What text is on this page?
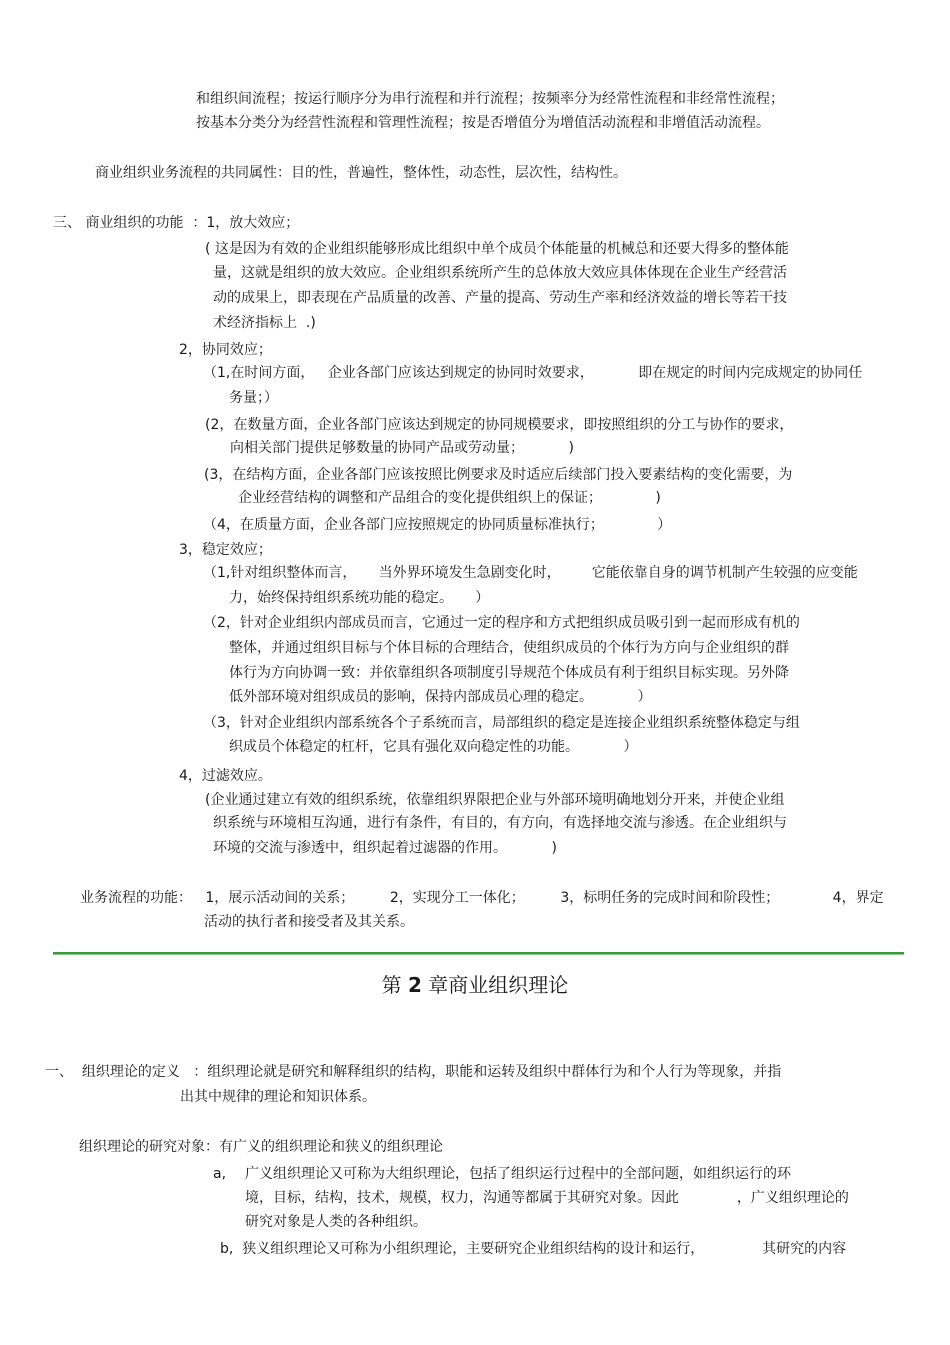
和组织间流程；按运行顺序分为串行流程和并行流程；按频率分为经常性流程和非经常性流程；
按基本分类分为经营性流程和管理性流程；按是否增值分为增值活动流程和非增值活动流程。
商业组织业务流程的共同属性：目的性，普遍性，整体性，动态性，层次性，结构性。
三、 商业组织的功能  ：1，放大效应；
( 这是因为有效的企业组织能够形成比组织中单个成员个体能量的机械总和还要大得多的整体能
量，这就是组织的放大效应。企业组织系统所产生的总体放大效应具体体现在企业生产经营活
动的成果上，即表现在产品质量的改善、产量的提高、劳动生产率和经济效益的增长等若干技
术经济指标上  .)
2，协同效应；
（1,在时间方面，   企业各部门应该达到规定的协同时效要求，          即在规定的时间内完成规定的协同任
务量；）
(2，在数量方面，企业各部门应该达到规定的协同规模要求，即按照组织的分工与协作的要求，
向相关部门提供足够数量的协同产品或劳动量；          )
(3，在结构方面，企业各部门应该按照比例要求及时适应后续部门投入要素结构的变化需要，为
企业经营结构的调整和产品组合的变化提供组织上的保证；            )
（4，在质量方面，企业各部门应按照规定的协同质量标准执行；            ）
3，稳定效应；
（1,针对组织整体而言，     当外界环境发生急剧变化时，       它能依靠自身的调节机制产生较强的应变能
力，始终保持组织系统功能的稳定。     ）
（2，针对企业组织内部成员而言，它通过一定的程序和方式把组织成员吸引到一起而形成有机的
整体，并通过组织目标与个体目标的合理结合，使组织成员的个体行为方向与企业组织的群
体行为方向协调一致：并依靠组织各项制度引导规范个体成员有利于组织目标实现。另外降
低外部环境对组织成员的影响，保持内部成员心理的稳定。          ）
（3，针对企业组织内部系统各个子系统而言，局部组织的稳定是连接企业组织系统整体稳定与组
织成员个体稳定的杠杆，它具有强化双向稳定性的功能。          ）
4，过滤效应。
(企业通过建立有效的组织系统，依靠组织界限把企业与外部环境明确地划分开来，并使企业组
织系统与环境相互沟通，进行有条件，有目的，有方向，有选择地交流与渗透。在企业组织与
环境的交流与渗透中，组织起着过滤器的作用。          )
业务流程的功能：   1，展示活动间的关系；        2，实现分工一体化；        3，标明任务的完成时间和阶段性；            4，界定
活动的执行者和接受者及其关系。
第 2 章商业组织理论
一、  组织理论的定义   ：组织理论就是研究和解释组织的结构，职能和运转及组织中群体行为和个人行为等现象，并指
出其中规律的理论和知识体系。
组织理论的研究对象：有广义的组织理论和狭义的组织理论
a, 广义组织理论又可称为大组织理论，包括了组织运行过程中的全部问题，如组织运行的环
境，目标，结构，技术，规模，权力，沟通等都属于其研究对象。因此             ，广义组织理论的
研究对象是人类的各种组织。
b,  狭义组织理论又可称为小组织理论，主要研究企业组织结构的设计和运行，             其研究的内容
